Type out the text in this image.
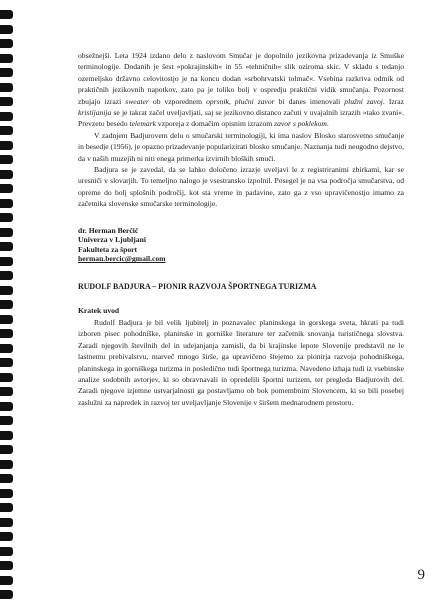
obsežnejši. Leta 1924 izdano delo z naslovom Smučar je dopolnilo jezikovna prizadevanja iz Smuške terminologije. Dodanih je šest »pokrajinskih« in 55 »tehničnih« slik oziroma skic. V skladu s tedanjo ozemeljsko državno celovitostjo je na koncu dodan »srbohrvatski tolmač«. Vsebina razkriva odmik od praktičnih jezikovnih napotkov, zato pa je toliko bolj v ospredju praktični vidik smučanja. Pozornost zbujajo izrazi sweater ob vzporednem oprsnik, plučni zavor bi danes imenovali plužni zavoj. Izraz kristijanija se je takrat začel uveljavljati, saj se jezikovno distanco začuti v uvajalnih izrazih »tako zvani«. Prevzeto besedo telemark vzporeja z domačim opisnim izrazom zavor s poklekom.

V zadnjem Badjurovem delu o smučarski terminologiji, ki ima naslov Blosko starosvetno smučanje in besedje (1956), je opazno prizadevanje popularizirati blosko smučanje. Naznanja tudi neugodno dejstvo, da v naših muzejih ni niti enega primerka izvirnih bloških smuči.

Badjura se je zavedal, da se lahko določeno izrazje uveljavi le z registriranimi zbirkami, kar se uresniči v slovarjih. To temeljno nalogo je vsestransko izpolnil. Posegel je na vsa področja smučarstva, od opreme do bolj splošnih področij, kot sta vreme in padavine, zato ga z vso upravičenostjo imamo za začetnika slovenske smučarske terminologije.

dr. Herman Berčič
Univerza v Ljubljani
Fakulteta za šport
herman.bercic@gmail.com

RUDOLF BADJURA – PIONIR RAZVOJA ŠPORTNEGA TURIZMA

Kratek uvod

Rudolf Badjura je bil velik ljubitelj in poznavalec planinskega in gorskega sveta, hkrati pa tudi izboren pisec pohodniške, planinske in gorniške literature ter začetnik snovanja turističnega slovstva. Zaradi njegovih številnih del in udejanjanja zamisli, da bi krajinske lepote Slovenije predstavil ne le lastnemu prebivalstvu, marveč mnogo širše, ga upravičeno štejemo za pionirja razvoja pohodniškega, planinskega in gorniškega turizma in posledično tudi športnega turizma. Navedeno izhaja tudi iz vsebinske analize sodobnih avtorjev, ki so obravnavali in opredelili športni turizem, ter pregleda Badjurovih del. Zaradi njegove izjemne ustvarjalnosti ga postavljamo ob bok pomembnim Slovencem, ki so bili posebej zaslužni za napredek in razvoj ter uveljavljanje Slovenije v širšem mednarodnem prostoru.

9
